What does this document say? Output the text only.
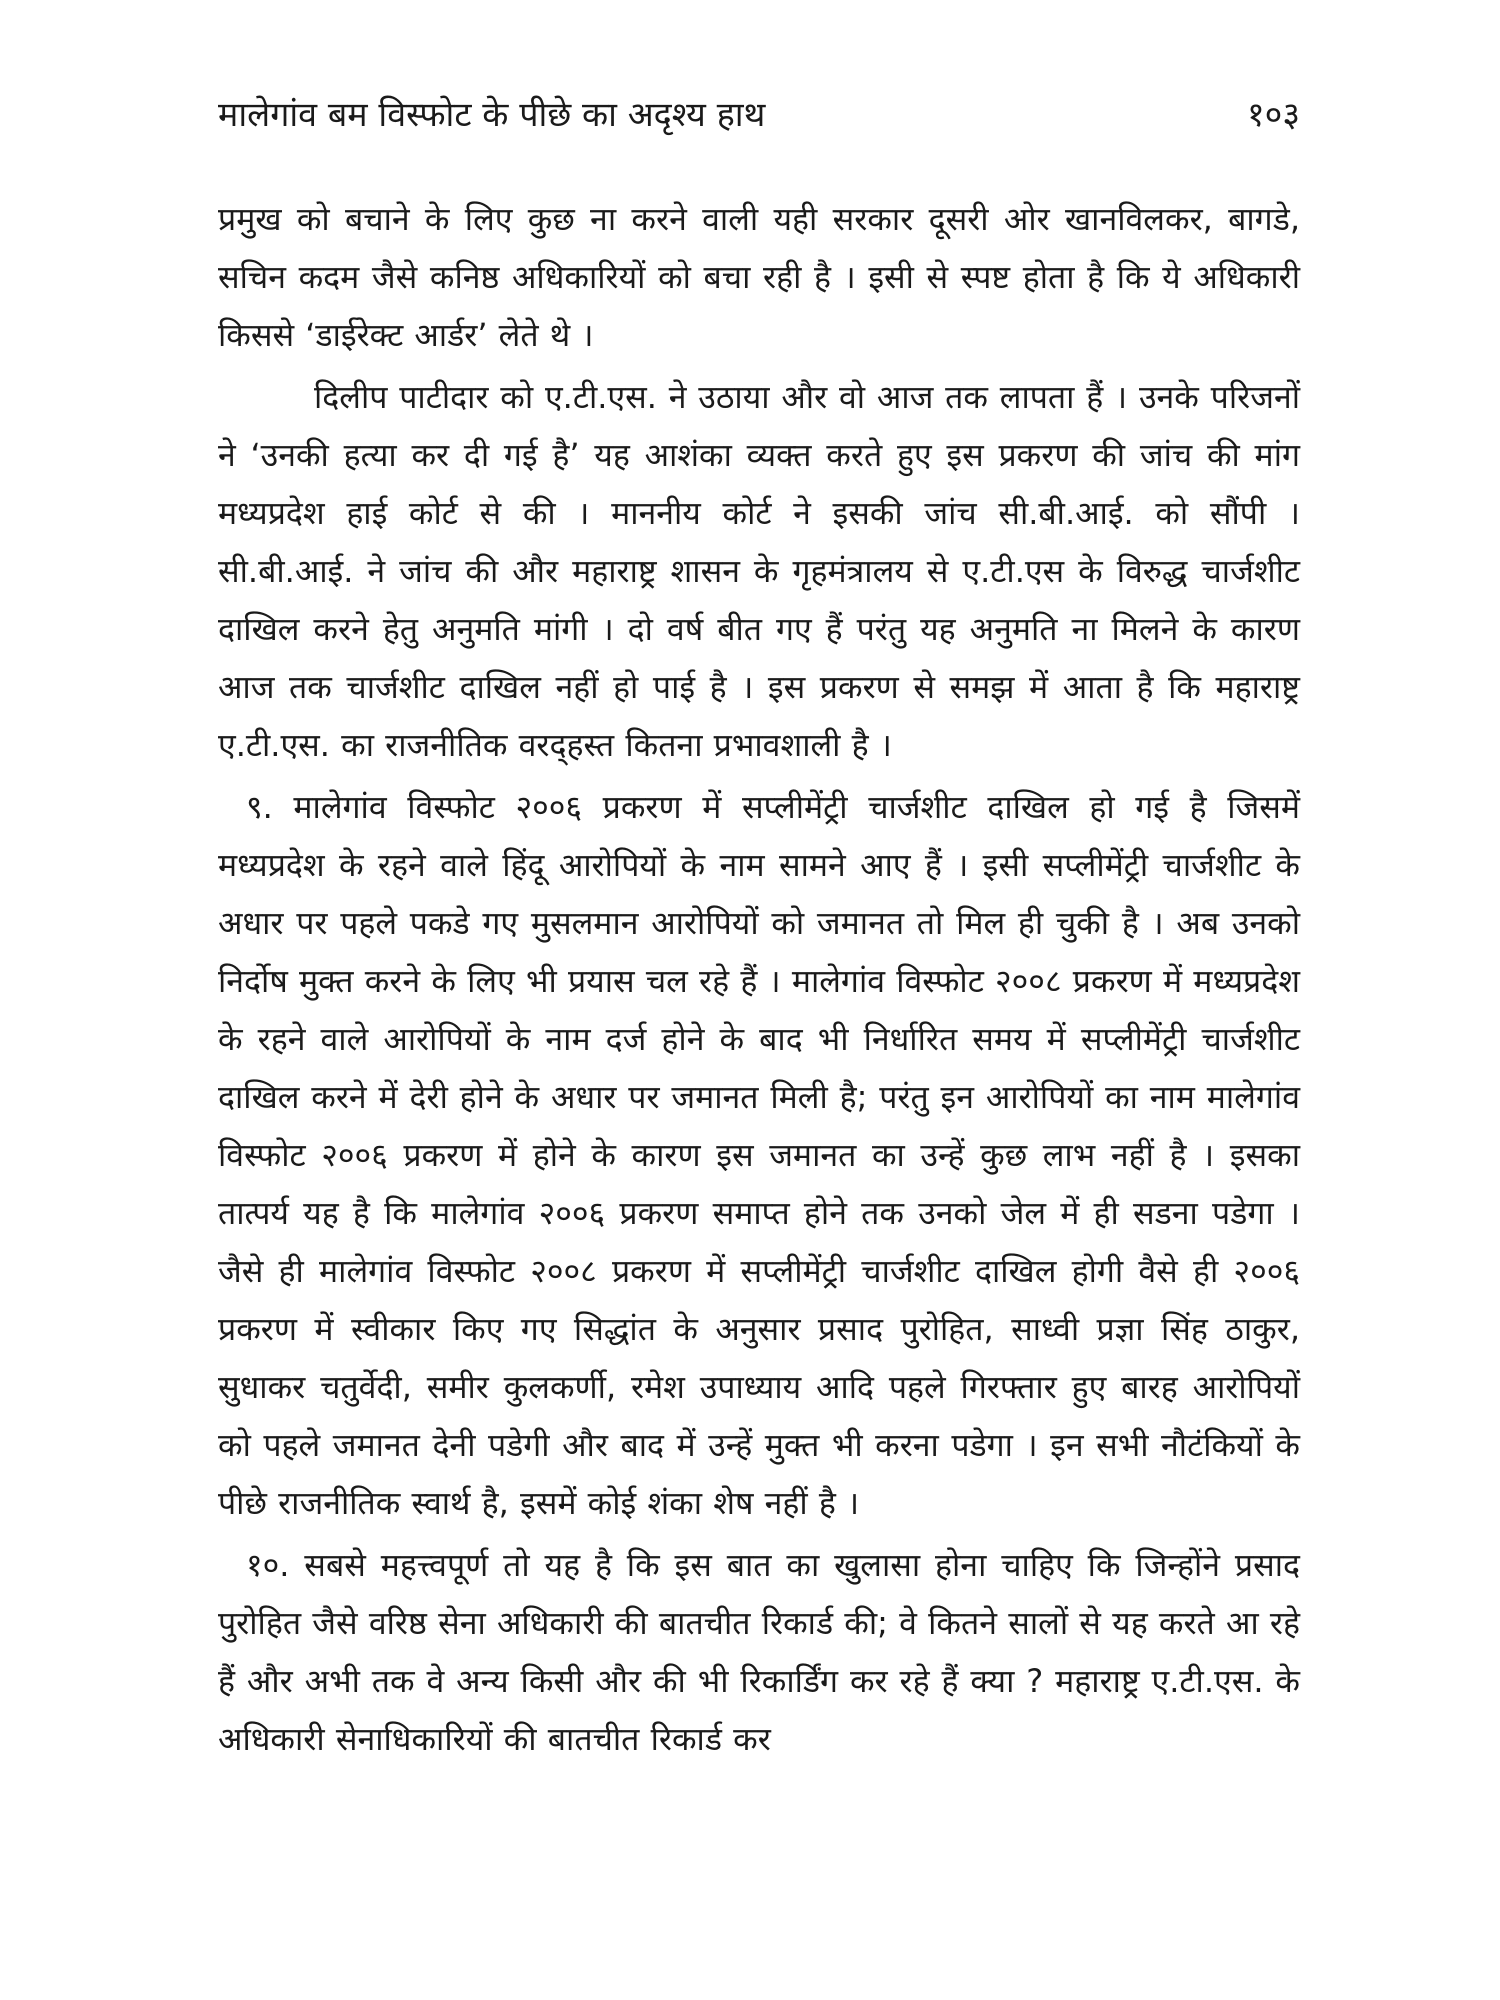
मालेगांव बम विस्फोट के पीछे का अदृश्य हाथ	१०३

प्रमुख को बचाने के लिए कुछ ना करने वाली यही सरकार दूसरी ओर खानविलकर, बागडे, सचिन कदम जैसे कनिष्ठ अधिकारियों को बचा रही है । इसी से स्पष्ट होता है कि ये अधिकारी किससे ‘डाईरेक्ट आर्डर’ लेते थे ।

दिलीप पाटीदार को ए.टी.एस. ने उठाया और वो आज तक लापता हैं । उनके परिजनों ने ‘उनकी हत्या कर दी गई है’ यह आशंका व्यक्त करते हुए इस प्रकरण की जांच की मांग मध्यप्रदेश हाई कोर्ट से की । माननीय कोर्ट ने इसकी जांच सी.बी.आई. को सौंपी । सी.बी.आई. ने जांच की और महाराष्ट्र शासन के गृहमंत्रालय से ए.टी.एस के विरुद्ध चार्जशीट दाखिल करने हेतु अनुमति मांगी । दो वर्ष बीत गए हैं परंतु यह अनुमति ना मिलने के कारण आज तक चार्जशीट दाखिल नहीं हो पाई है । इस प्रकरण से समझ में आता है कि महाराष्ट्र ए.टी.एस. का राजनीतिक वरद्हस्त कितना प्रभावशाली है ।

९. मालेगांव विस्फोट २००६ प्रकरण में सप्लीमेंट्री चार्जशीट दाखिल हो गई है जिसमें मध्यप्रदेश के रहने वाले हिंदू आरोपियों के नाम सामने आए हैं । इसी सप्लीमेंट्री चार्जशीट के अधार पर पहले पकडे गए मुसलमान आरोपियों को जमानत तो मिल ही चुकी है । अब उनको निर्दोष मुक्त करने के लिए भी प्रयास चल रहे हैं । मालेगांव विस्फोट २००८ प्रकरण में मध्यप्रदेश के रहने वाले आरोपियों के नाम दर्ज होने के बाद भी निर्धारित समय में सप्लीमेंट्री चार्जशीट दाखिल करने में देरी होने के अधार पर जमानत मिली है; परंतु इन आरोपियों का नाम मालेगांव विस्फोट २००६ प्रकरण में होने के कारण इस जमानत का उन्हें कुछ लाभ नहीं है । इसका तात्पर्य यह है कि मालेगांव २००६ प्रकरण समाप्त होने तक उनको जेल में ही सडना पडेगा । जैसे ही मालेगांव विस्फोट २००८ प्रकरण में सप्लीमेंट्री चार्जशीट दाखिल होगी वैसे ही २००६ प्रकरण में स्वीकार किए गए सिद्धांत के अनुसार प्रसाद पुरोहित, साध्वी प्रज्ञा सिंह ठाकुर, सुधाकर चतुर्वेदी, समीर कुलकर्णी, रमेश उपाध्याय आदि पहले गिरफ्तार हुए बारह आरोपियों को पहले जमानत देनी पडेगी और बाद में उन्हें मुक्त भी करना पडेगा । इन सभी नौटंकियों के पीछे राजनीतिक स्वार्थ है, इसमें कोई शंका शेष नहीं है ।

१०. सबसे महत्त्वपूर्ण तो यह है कि इस बात का खुलासा होना चाहिए कि जिन्होंने प्रसाद पुरोहित जैसे वरिष्ठ सेना अधिकारी की बातचीत रिकार्ड की; वे कितने सालों से यह करते आ रहे हैं और अभी तक वे अन्य किसी और की भी रिकार्डिंग कर रहे हैं क्या ? महाराष्ट्र ए.टी.एस. के अधिकारी सेनाधिकारियों की बातचीत रिकार्ड कर
